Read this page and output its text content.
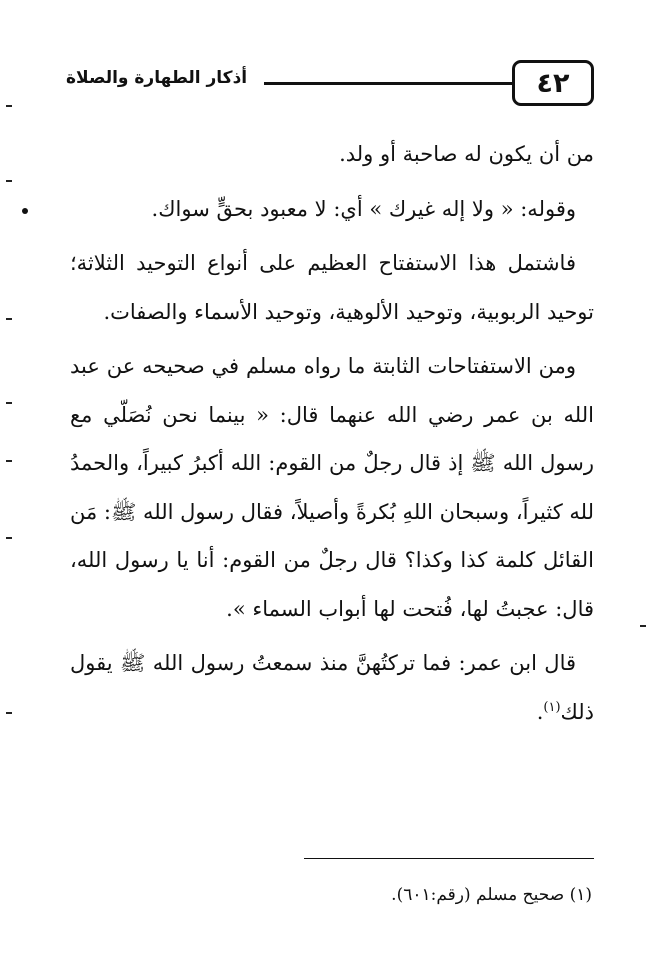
٤٢
أذكار الطهارة والصلاة

من أن يكون له صاحبة أو ولد.

وقوله: « ولا إله غيرك » أي: لا معبود بحقٍّ سواك.

فاشتمل هذا الاستفتاح العظيم على أنواع التوحيد الثلاثة؛ توحيد الربوبية، وتوحيد الألوهية، وتوحيد الأسماء والصفات.

ومن الاستفتاحات الثابتة ما رواه مسلم في صحيحه عن عبد الله بن عمر رضي الله عنهما قال: « بينما نحن نُصَلّي مع رسول الله ﷺ إذ قال رجلٌ من القوم: الله أكبرُ كبيراً، والحمدُ لله كثيراً، وسبحان اللهِ بُكرةً وأصيلاً، فقال رسول الله ﷺ: مَن القائل كلمة كذا وكذا؟ قال رجلٌ من القوم: أنا يا رسول الله، قال: عجبتُ لها، فُتحت لها أبواب السماء ».

قال ابن عمر: فما تركتُهنَّ منذ سمعتُ رسول الله ﷺ يقول ذلك$^{(١)}$.

(١) صحيح مسلم (رقم:٦٠١).
